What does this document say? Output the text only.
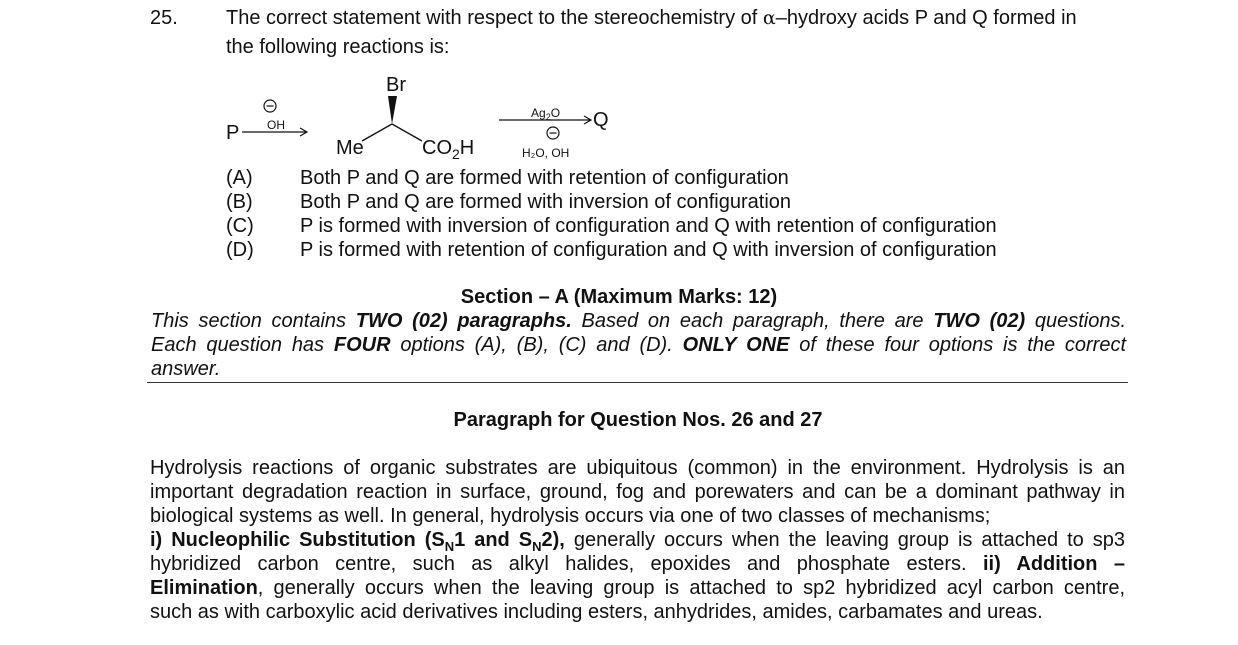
25. The correct statement with respect to the stereochemistry of α–hydroxy acids P and Q formed in
the following reactions is:
P OH
Br
Me	$CO_2H$
$Ag_2O$
H₂O, OH
Q
(A) Both P and Q are formed with retention of configuration
(B) Both P and Q are formed with inversion of configuration
(C) P is formed with inversion of configuration and Q with retention of configuration
(D) P is formed with retention of configuration and Q with inversion of configuration
Section – A (Maximum Marks: 12)
This section contains TWO (02) paragraphs. Based on each paragraph, there are TWO (02) questions.
Each question has FOUR options (A), (B), (C) and (D). ONLY ONE of these four options is the correct
answer.
Paragraph for Question Nos. 26 and 27
Hydrolysis reactions of organic substrates are ubiquitous (common) in the environment. Hydrolysis is an
important degradation reaction in surface, ground, fog and porewaters and can be a dominant pathway in
biological systems as well. In general, hydrolysis occurs via one of two classes of mechanisms;
i) Nucleophilic Substitution ($S_N1$ and $S_N2$), generally occurs when the leaving group is attached to sp3
hybridized carbon centre, such as alkyl halides, epoxides and phosphate esters. ii) Addition –
Elimination, generally occurs when the leaving group is attached to sp2 hybridized acyl carbon centre,
such as with carboxylic acid derivatives including esters, anhydrides, amides, carbamates and ureas.
